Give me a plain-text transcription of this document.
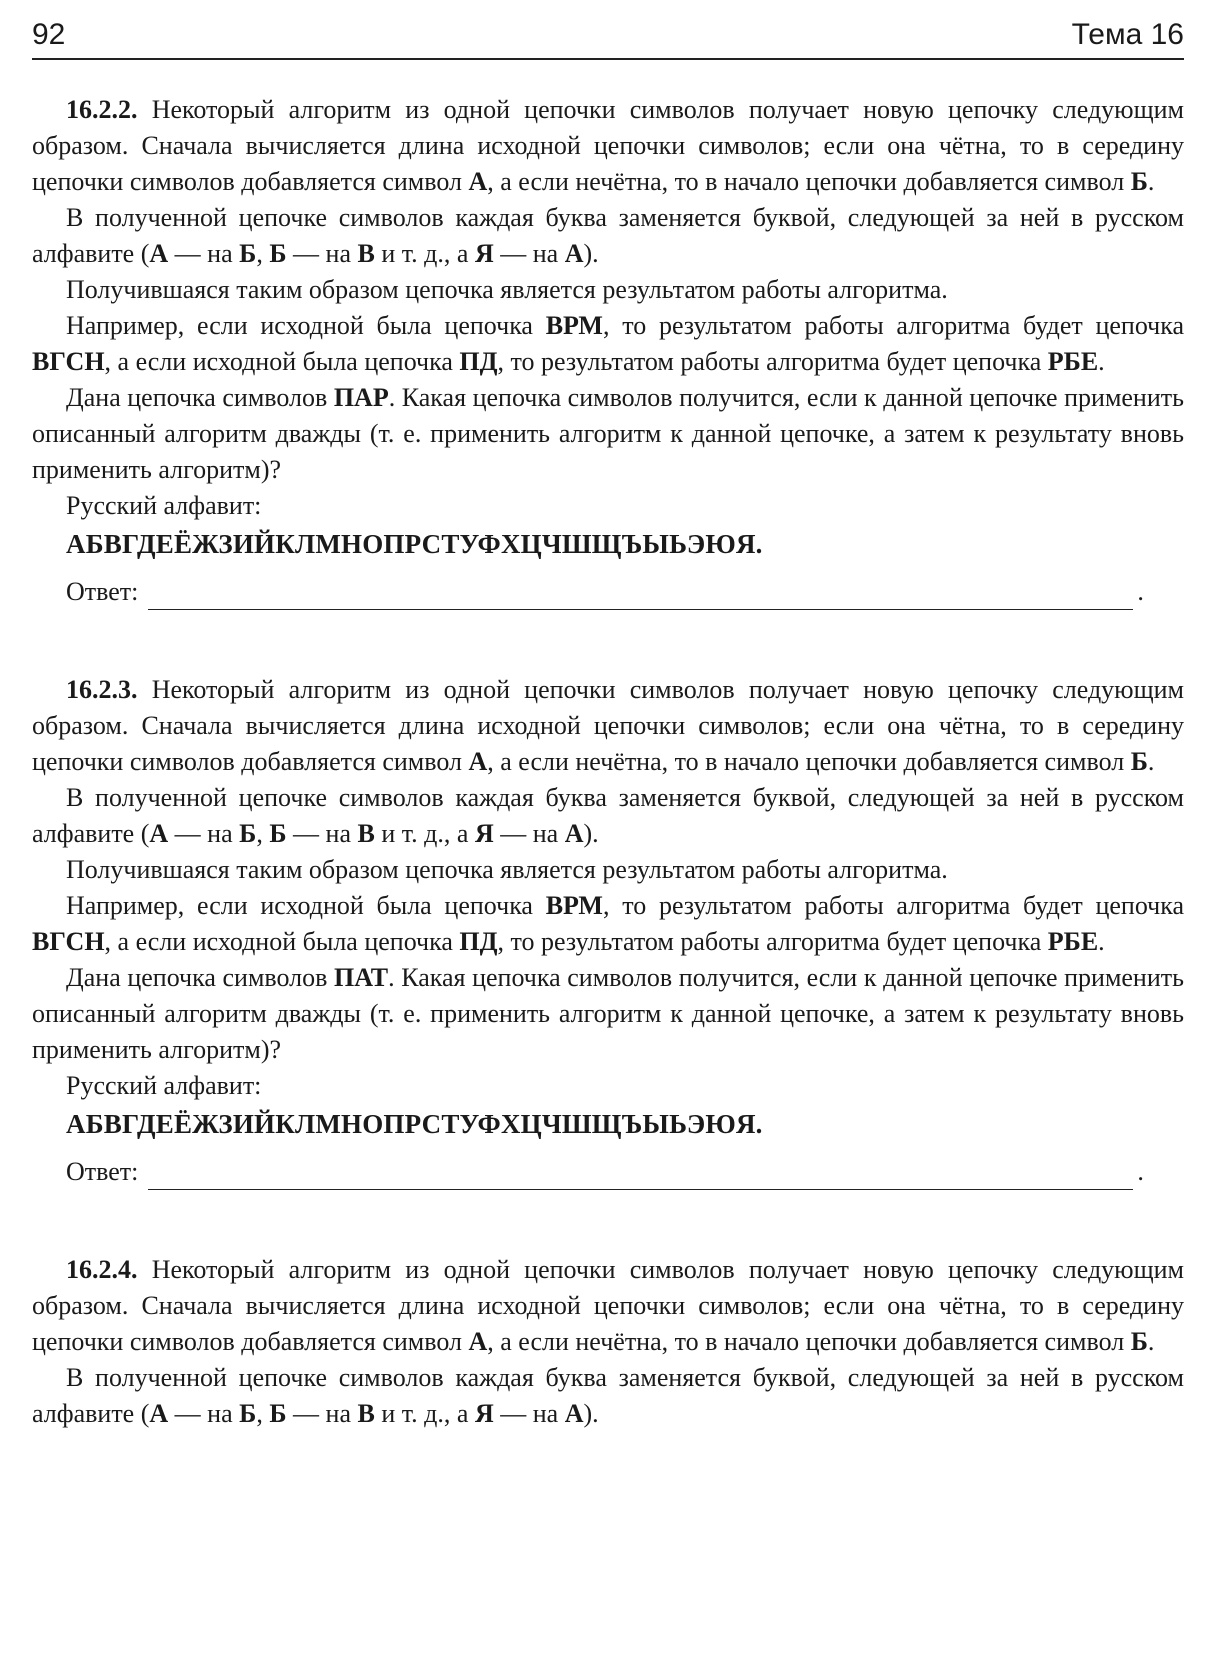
92	Тема 16

16.2.2. Некоторый алгоритм из одной цепочки символов получает новую цепочку следующим образом. Сначала вычисляется длина исходной цепочки символов; если она чётна, то в середину цепочки символов добавляется символ А, а если нечётна, то в начало цепочки добавляется символ Б.

В полученной цепочке символов каждая буква заменяется буквой, следующей за ней в русском алфавите (А — на Б, Б — на В и т. д., а Я — на А).

Получившаяся таким образом цепочка является результатом работы алгоритма.

Например, если исходной была цепочка ВРМ, то результатом работы алгоритма будет цепочка ВГСН, а если исходной была цепочка ПД, то результатом работы алгоритма будет цепочка РБЕ.

Дана цепочка символов ПАР. Какая цепочка символов получится, если к данной цепочке применить описанный алгоритм дважды (т. е. применить алгоритм к данной цепочке, а затем к результату вновь применить алгоритм)?

Русский алфавит:
АБВГДЕЁЖЗИЙКЛМНОПРСТУФХЦЧШЩЪЫЬЭЮЯ.
Ответ:	.

16.2.3. Некоторый алгоритм из одной цепочки символов получает новую цепочку следующим образом. Сначала вычисляется длина исходной цепочки символов; если она чётна, то в середину цепочки символов добавляется символ А, а если нечётна, то в начало цепочки добавляется символ Б.

В полученной цепочке символов каждая буква заменяется буквой, следующей за ней в русском алфавите (А — на Б, Б — на В и т. д., а Я — на А).

Получившаяся таким образом цепочка является результатом работы алгоритма.

Например, если исходной была цепочка ВРМ, то результатом работы алгоритма будет цепочка ВГСН, а если исходной была цепочка ПД, то результатом работы алгоритма будет цепочка РБЕ.

Дана цепочка символов ПАТ. Какая цепочка символов получится, если к данной цепочке применить описанный алгоритм дважды (т. е. применить алгоритм к данной цепочке, а затем к результату вновь применить алгоритм)?

Русский алфавит:
АБВГДЕЁЖЗИЙКЛМНОПРСТУФХЦЧШЩЪЫЬЭЮЯ.
Ответ:	.

16.2.4. Некоторый алгоритм из одной цепочки символов получает новую цепочку следующим образом. Сначала вычисляется длина исходной цепочки символов; если она чётна, то в середину цепочки символов добавляется символ А, а если нечётна, то в начало цепочки добавляется символ Б.

В полученной цепочке символов каждая буква заменяется буквой, следующей за ней в русском алфавите (А — на Б, Б — на В и т. д., а Я — на А).
